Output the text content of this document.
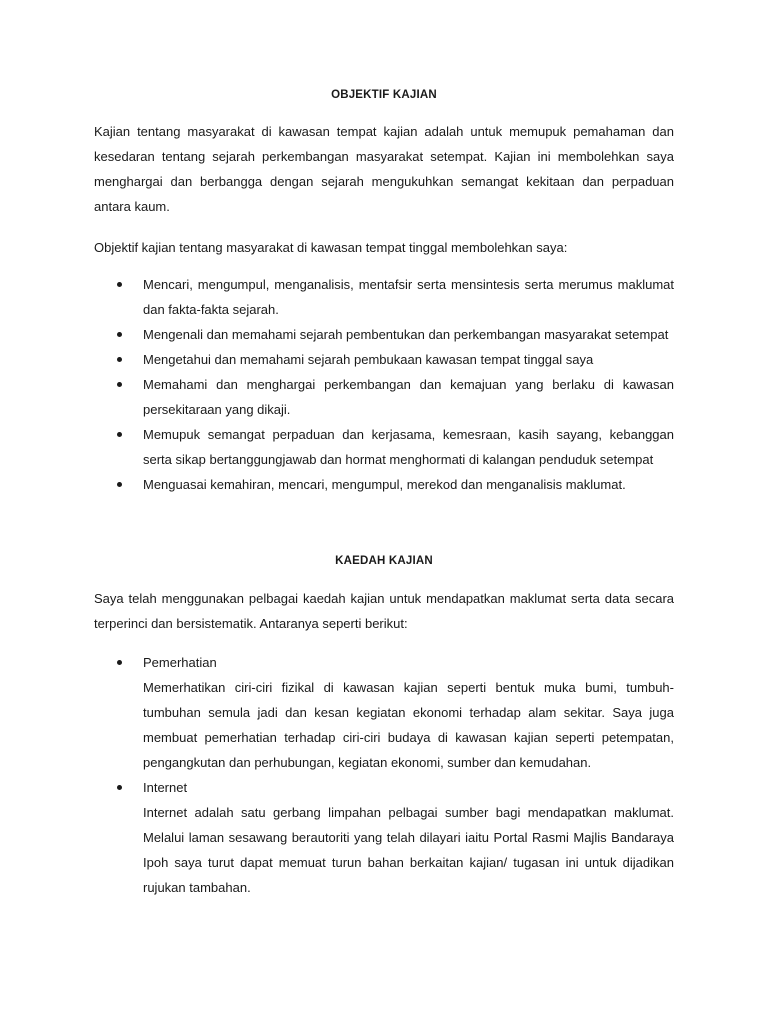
OBJEKTIF KAJIAN

Kajian tentang masyarakat di kawasan tempat kajian adalah untuk memupuk pemahaman dan kesedaran tentang sejarah perkembangan masyarakat setempat. Kajian ini membolehkan saya menghargai dan berbangga dengan sejarah mengukuhkan semangat kekitaan dan perpaduan antara kaum.

Objektif kajian tentang masyarakat di kawasan tempat tinggal membolehkan saya:

Mencari, mengumpul, menganalisis, mentafsir serta mensintesis serta merumus maklumat dan fakta-fakta sejarah.
Mengenali dan memahami sejarah pembentukan dan perkembangan masyarakat setempat
Mengetahui dan memahami sejarah pembukaan kawasan tempat tinggal saya
Memahami dan menghargai perkembangan dan kemajuan yang berlaku di kawasan persekitaraan yang dikaji.
Memupuk semangat perpaduan dan kerjasama, kemesraan, kasih sayang, kebanggan serta sikap bertanggungjawab dan hormat menghormati di kalangan penduduk setempat
Menguasai kemahiran, mencari, mengumpul, merekod dan menganalisis maklumat.
KAEDAH KAJIAN

Saya telah menggunakan pelbagai kaedah kajian untuk mendapatkan maklumat serta data secara terperinci dan bersistematik. Antaranya seperti berikut:

Pemerhatian
Memerhatikan ciri-ciri fizikal di kawasan kajian seperti bentuk muka bumi, tumbuh-tumbuhan semula jadi dan kesan kegiatan ekonomi terhadap alam sekitar. Saya juga membuat pemerhatian terhadap ciri-ciri budaya di kawasan kajian seperti petempatan, pengangkutan dan perhubungan, kegiatan ekonomi, sumber dan kemudahan.
Internet
Internet adalah satu gerbang limpahan pelbagai sumber bagi mendapatkan maklumat. Melalui laman sesawang berautoriti yang telah dilayari iaitu Portal Rasmi Majlis Bandaraya Ipoh saya turut dapat memuat turun bahan berkaitan kajian/ tugasan ini untuk dijadikan rujukan tambahan.
